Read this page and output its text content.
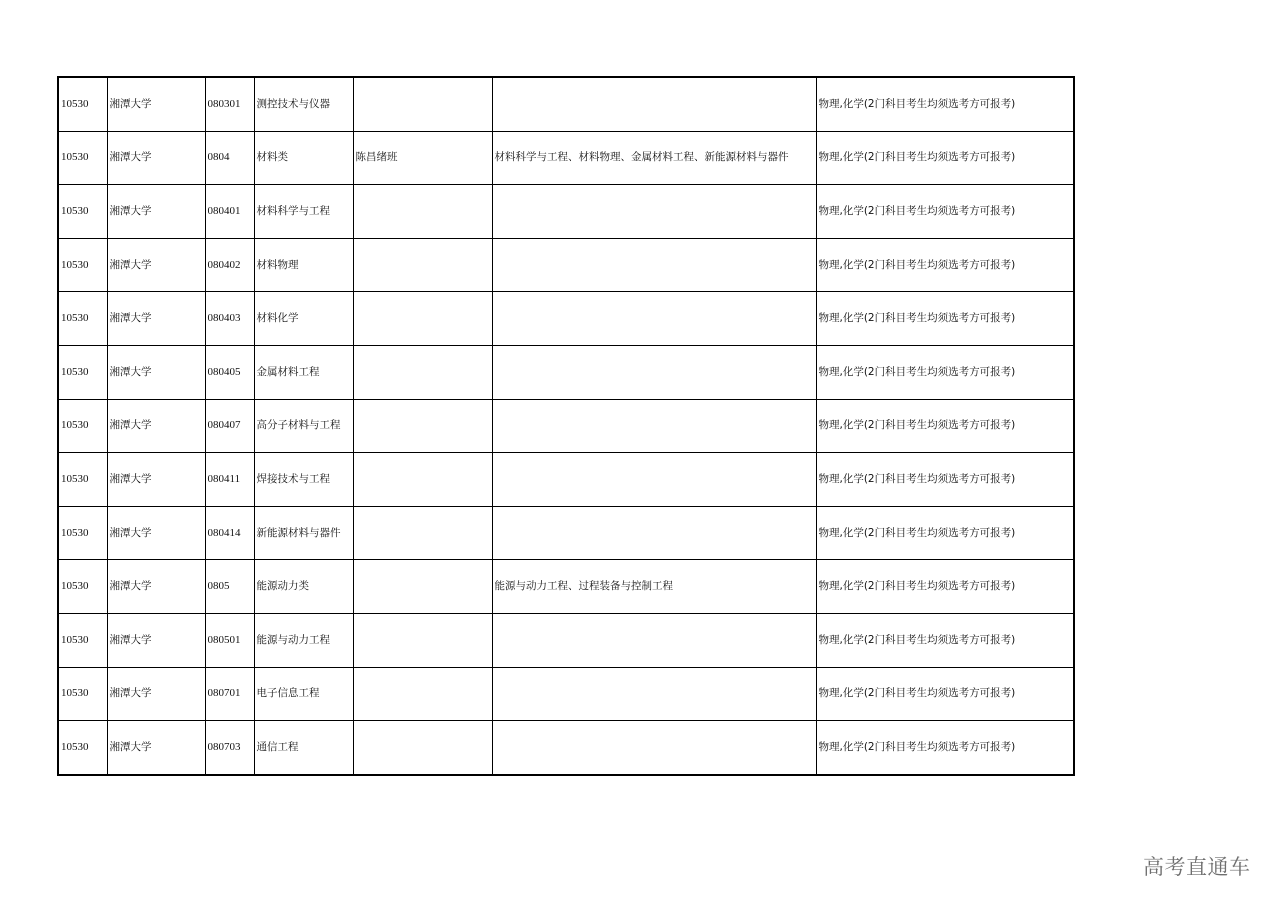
10530	湘潭大学	080301	测控技术与仪器			物理,化学(2门科目考生均须选考方可报考)
10530	湘潭大学	0804	材料类	陈昌绪班	材料科学与工程、材料物理、金属材料工程、新能源材料与器件	物理,化学(2门科目考生均须选考方可报考)
10530	湘潭大学	080401	材料科学与工程			物理,化学(2门科目考生均须选考方可报考)
10530	湘潭大学	080402	材料物理			物理,化学(2门科目考生均须选考方可报考)
10530	湘潭大学	080403	材料化学			物理,化学(2门科目考生均须选考方可报考)
10530	湘潭大学	080405	金属材料工程			物理,化学(2门科目考生均须选考方可报考)
10530	湘潭大学	080407	高分子材料与工程			物理,化学(2门科目考生均须选考方可报考)
10530	湘潭大学	080411	焊接技术与工程			物理,化学(2门科目考生均须选考方可报考)
10530	湘潭大学	080414	新能源材料与器件			物理,化学(2门科目考生均须选考方可报考)
10530	湘潭大学	0805	能源动力类		能源与动力工程、过程装备与控制工程	物理,化学(2门科目考生均须选考方可报考)
10530	湘潭大学	080501	能源与动力工程			物理,化学(2门科目考生均须选考方可报考)
10530	湘潭大学	080701	电子信息工程			物理,化学(2门科目考生均须选考方可报考)
10530	湘潭大学	080703	通信工程			物理,化学(2门科目考生均须选考方可报考)
高考直通车
